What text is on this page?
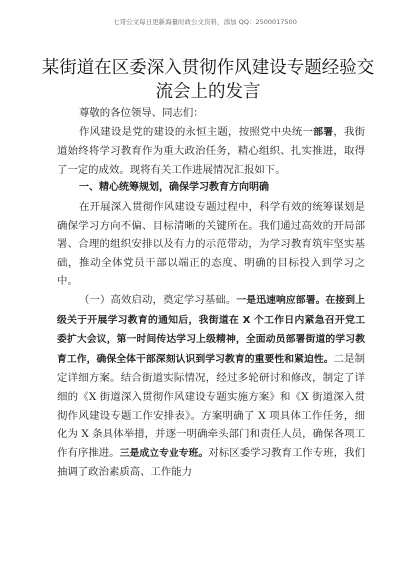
七哥公文每日更新海量时政公文资料，添加 QQ：2500017500
某街道在区委深入贯彻作风建设专题经验交流会上的发言

尊敬的各位领导、同志们：

作风建设是党的建设的永恒主题，按照党中央统一部署，我街道始终将学习教育作为重大政治任务，精心组织、扎实推进，取得了一定的成效。现将有关工作进展情况汇报如下。

一、精心统筹规划，确保学习教育方向明确

在开展深入贯彻作风建设专题过程中，科学有效的统筹谋划是确保学习方向不偏、目标清晰的关键所在。我们通过高效的开局部署、合理的组织安排以及有力的示范带动，为学习教育筑牢坚实基础，推动全体党员干部以端正的态度、明确的目标投入到学习之中。

（一）高效启动，奠定学习基础。一是迅速响应部署。在接到上级关于开展学习教育的通知后，我街道在 X 个工作日内紧急召开党工委扩大会议，第一时间传达学习上级精神，全面动员部署街道的学习教育工作，确保全体干部深刻认识到学习教育的重要性和紧迫性。二是制定详细方案。结合街道实际情况，经过多轮研讨和修改，制定了详细的《X 街道深入贯彻作风建设专题实施方案》和《X 街道深入贯彻作风建设专题工作安排表》。方案明确了 X 项具体工作任务，细化为 X 条具体举措，并逐一明确牵头部门和责任人员，确保各项工作有序推进。三是成立专业专班。对标区委学习教育工作专班，我们抽调了政治素质高、工作能力
